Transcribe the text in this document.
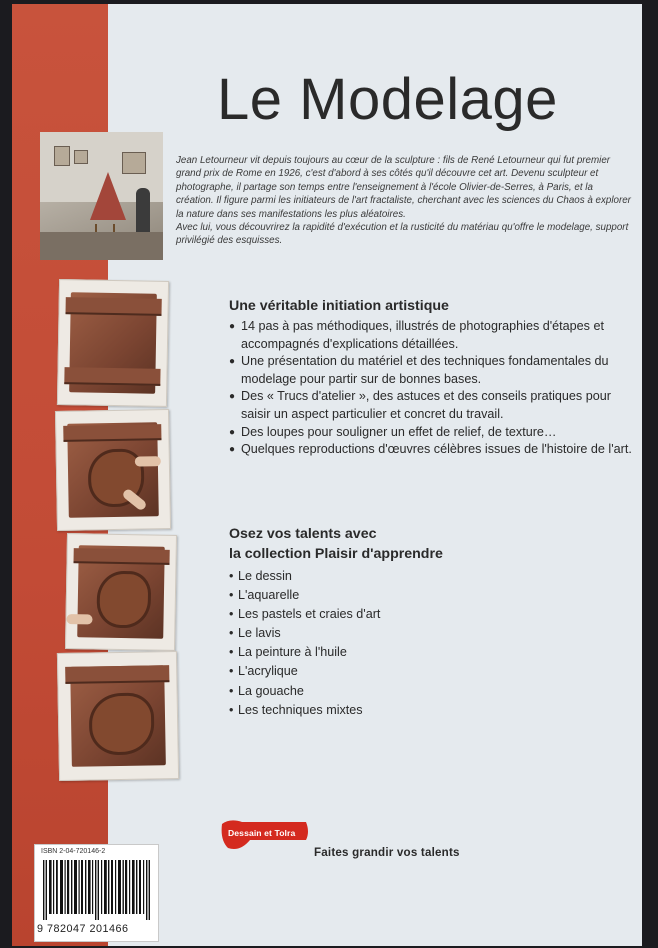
Le Modelage

Jean Letourneur vit depuis toujours au cœur de la sculpture : fils de René Letourneur qui fut premier grand prix de Rome en 1926, c'est d'abord à ses côtés qu'il découvre cet art. Devenu sculpteur et photographe, il partage son temps entre l'enseignement à l'école Olivier-de-Serres, à Paris, et la création. Il figure parmi les initiateurs de l'art fractaliste, cherchant avec les sciences du Chaos à explorer la nature dans ses manifestations les plus aléatoires.

Avec lui, vous découvrirez la rapidité d'exécution et la rusticité du matériau qu'offre le modelage, support privilégié des esquisses.

Une véritable initiation artistique
● 14 pas à pas méthodiques, illustrés de photographies d'étapes et accompagnés d'explications détaillées.
● Une présentation du matériel et des techniques fondamentales du modelage pour partir sur de bonnes bases.
● Des « Trucs d'atelier », des astuces et des conseils pratiques pour saisir un aspect particulier et concret du travail.
● Des loupes pour souligner un effet de relief, de texture…
● Quelques reproductions d'œuvres célèbres issues de l'histoire de l'art.
Osez vos talents avec
la collection Plaisir d'apprendre
• Le dessin
• L'aquarelle
• Les pastels et craies d'art
• Le lavis
• La peinture à l'huile
• L'acrylique
• La gouache
• Les techniques mixtes
Dessain et Tolra
Faites grandir vos talents
ISBN 2-04-720146-2
9 782047 201466
